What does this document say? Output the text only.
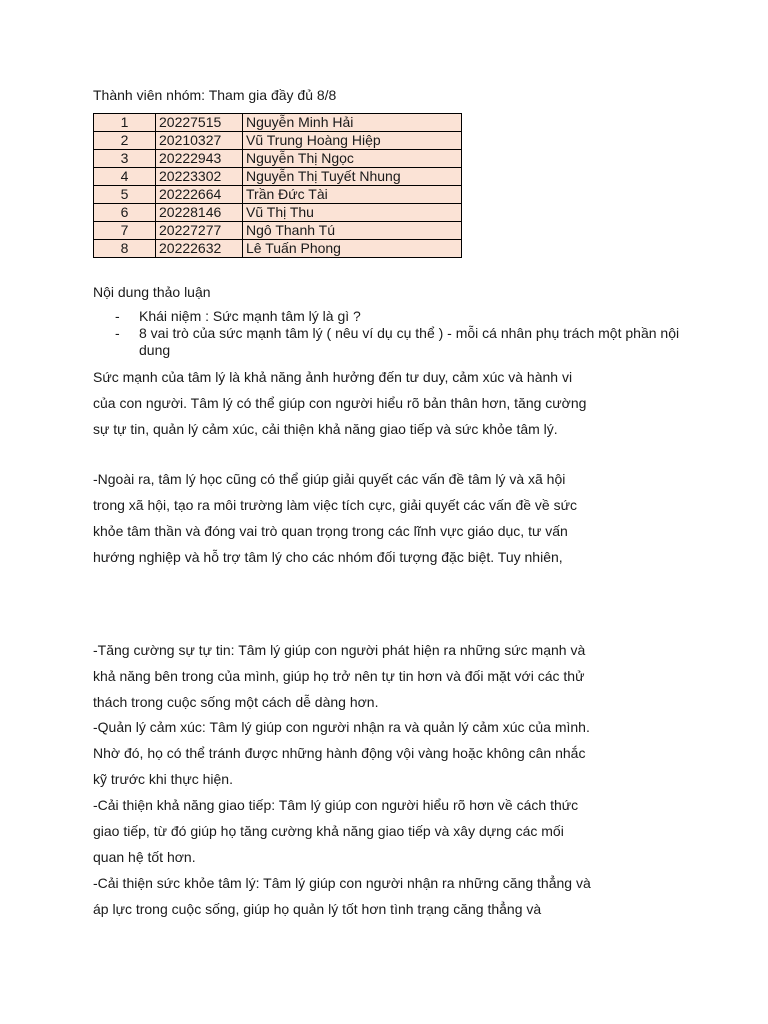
Thành viên nhóm: Tham gia đầy đủ 8/8
1	20227515	Nguyễn Minh Hải
2	20210327	Vũ Trung Hoàng Hiệp
3	20222943	Nguyễn Thị Ngọc
4	20223302	Nguyễn Thị Tuyết Nhung
5	20222664	Trần Đức Tài
6	20228146	Vũ Thị Thu
7	20227277	Ngô Thanh Tú
8	20222632	Lê Tuấn Phong
Nội dung thảo luận
- Khái niệm : Sức mạnh tâm lý là gì ?
- 8 vai trò của sức mạnh tâm lý ( nêu ví dụ cụ thể ) - mỗi cá nhân phụ trách một phần nội dung

Sức mạnh của tâm lý là khả năng ảnh hưởng đến tư duy, cảm xúc và hành vi của con người. Tâm lý có thể giúp con người hiểu rõ bản thân hơn, tăng cường sự tự tin, quản lý cảm xúc, cải thiện khả năng giao tiếp và sức khỏe tâm lý.

-Ngoài ra, tâm lý học cũng có thể giúp giải quyết các vấn đề tâm lý và xã hội trong xã hội, tạo ra môi trường làm việc tích cực, giải quyết các vấn đề về sức khỏe tâm thần và đóng vai trò quan trọng trong các lĩnh vực giáo dục, tư vấn hướng nghiệp và hỗ trợ tâm lý cho các nhóm đối tượng đặc biệt. Tuy nhiên,

-Tăng cường sự tự tin: Tâm lý giúp con người phát hiện ra những sức mạnh và khả năng bên trong của mình, giúp họ trở nên tự tin hơn và đối mặt với các thử thách trong cuộc sống một cách dễ dàng hơn.

-Quản lý cảm xúc: Tâm lý giúp con người nhận ra và quản lý cảm xúc của mình. Nhờ đó, họ có thể tránh được những hành động vội vàng hoặc không cân nhắc kỹ trước khi thực hiện.

-Cải thiện khả năng giao tiếp: Tâm lý giúp con người hiểu rõ hơn về cách thức giao tiếp, từ đó giúp họ tăng cường khả năng giao tiếp và xây dựng các mối quan hệ tốt hơn.

-Cải thiện sức khỏe tâm lý: Tâm lý giúp con người nhận ra những căng thẳng và áp lực trong cuộc sống, giúp họ quản lý tốt hơn tình trạng căng thẳng và
